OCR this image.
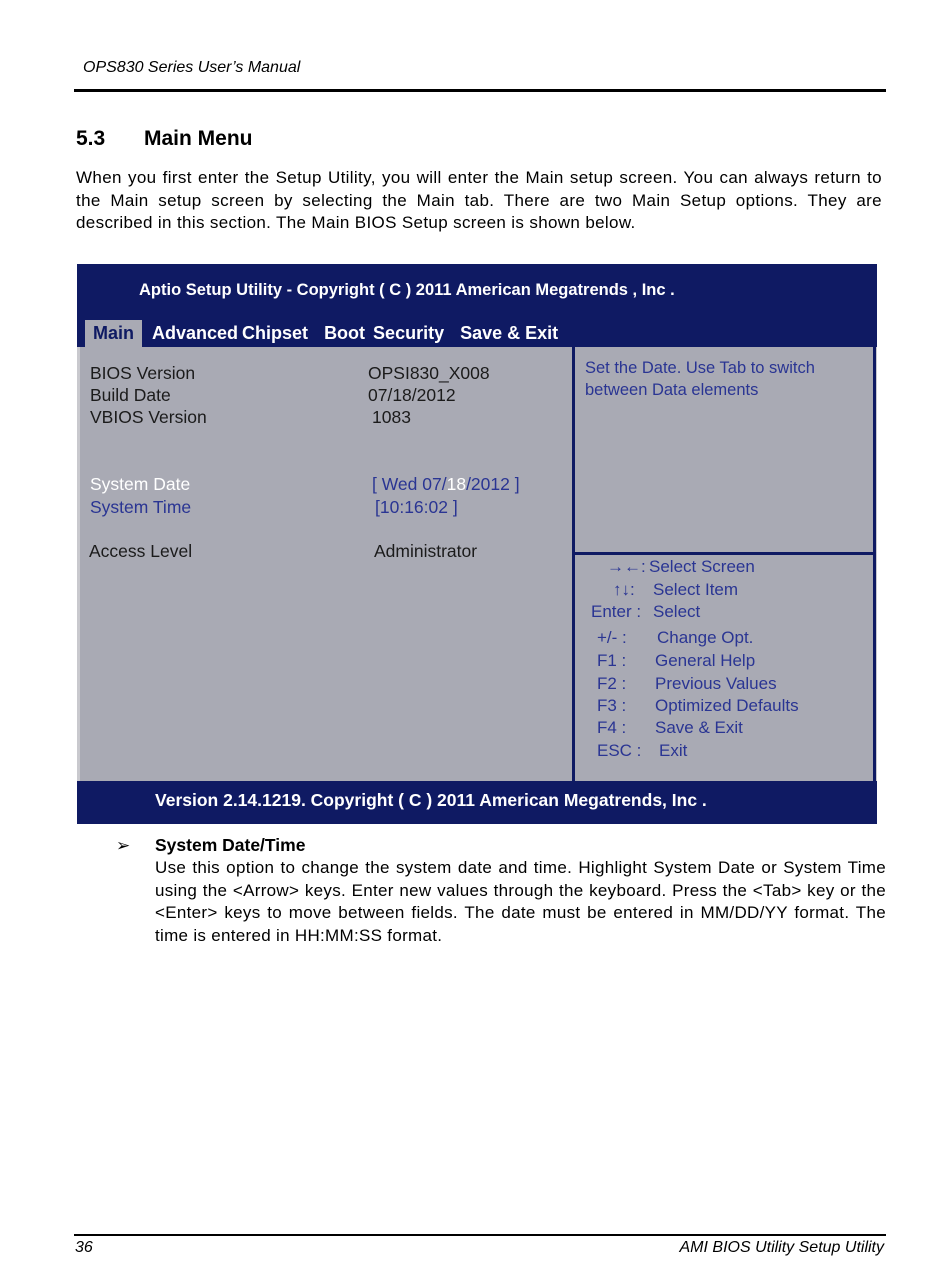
OPS830 Series User’s Manual
5.3 Main Menu
When you first enter the Setup Utility, you will enter the Main setup screen. You can always return to the Main setup screen by selecting the Main tab. There are two Main Setup options. They are described in this section. The Main BIOS Setup screen is shown below.
Aptio Setup Utility - Copyright ( C ) 2011 American Megatrends , Inc .
Main	Advanced Chipset Boot Security Save & Exit
BIOS Version	OPSI830_X008
Build Date	07/18/2012
VBIOS Version	1083
System Date	[ Wed 07/18/2012 ]
System Time	[10:16:02 ]
Access Level	Administrator
Set the Date. Use Tab to switch between Data elements
→←: Select Screen
↑↓: Select Item
Enter : Select
+/- : Change Opt.
F1 : General Help
F2 : Previous Values
F3 : Optimized Defaults
F4 : Save & Exit
ESC : Exit
Version 2.14.1219. Copyright ( C ) 2011 American Megatrends, Inc .
➢ System Date/Time
Use this option to change the system date and time. Highlight System Date or System Time using the <Arrow> keys. Enter new values through the keyboard. Press the <Tab> key or the <Enter> keys to move between fields. The date must be entered in MM/DD/YY format. The time is entered in HH:MM:SS format.
36	AMI BIOS Utility Setup Utility
